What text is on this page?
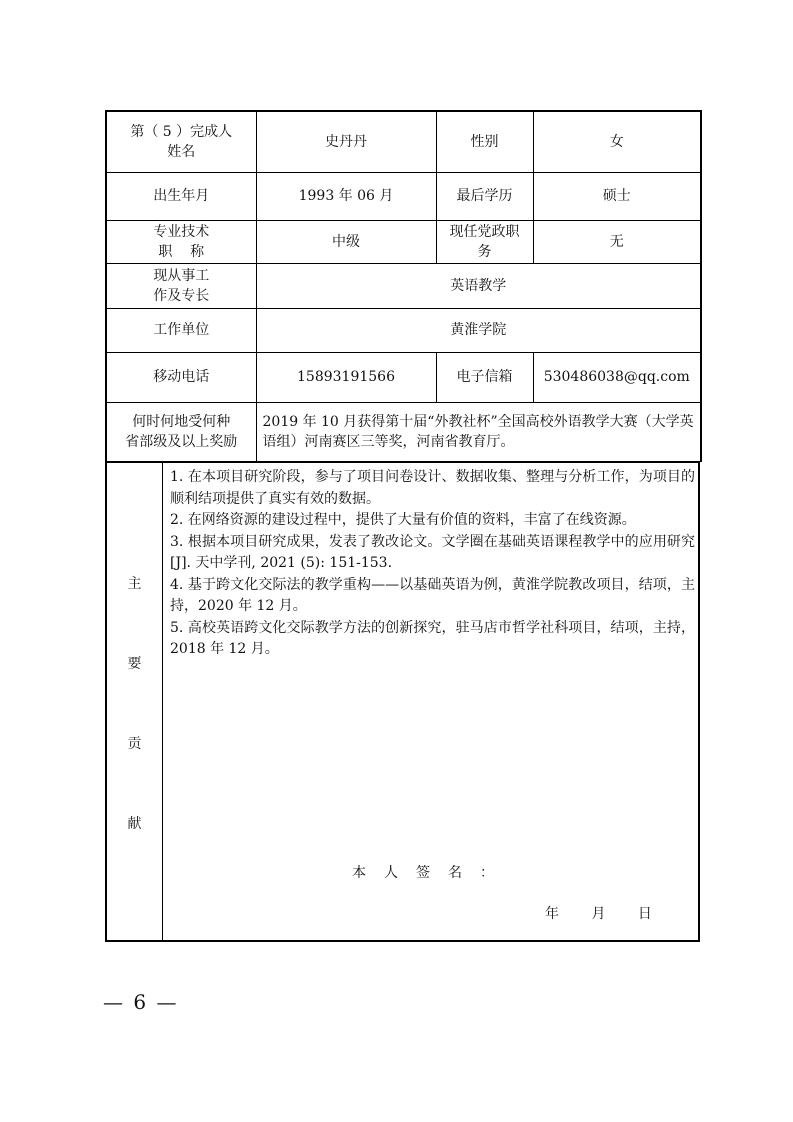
第（ 5 ）完成人
姓名	史丹丹	性别	女
出生年月	1993 年 06 月	最后学历	硕士

专业技术
职    称	中级	现任党政职
务	无

现从事工
作及专长	英语教学		
工作单位	黄淮学院		
移动电话	15893191566	电子信箱	530486038@qq.com

何时何地受何种
省部级及以上奖励	2019 年 10 月获得第十届“外教社杯”全国高校外语教学大赛（大学英语组）河南赛区三等奖，河南省教育厅。		
主
要
贡
献

1. 在本项目研究阶段，参与了项目问卷设计、数据收集、整理与分析工作，为项目的顺利结项提供了真实有效的数据。

2. 在网络资源的建设过程中，提供了大量有价值的资料，丰富了在线资源。

3. 根据本项目研究成果，发表了教改论文。文学圈在基础英语课程教学中的应用研究[J]. 天中学刊, 2021 (5): 151-153.

4. 基于跨文化交际法的教学重构——以基础英语为例，黄淮学院教改项目，结项，主持，2020 年 12 月。

5. 高校英语跨文化交际教学方法的创新探究，驻马店市哲学社科项目，结项，主持，2018 年 12 月。

本人签名：
年 月 日
— 6 —
